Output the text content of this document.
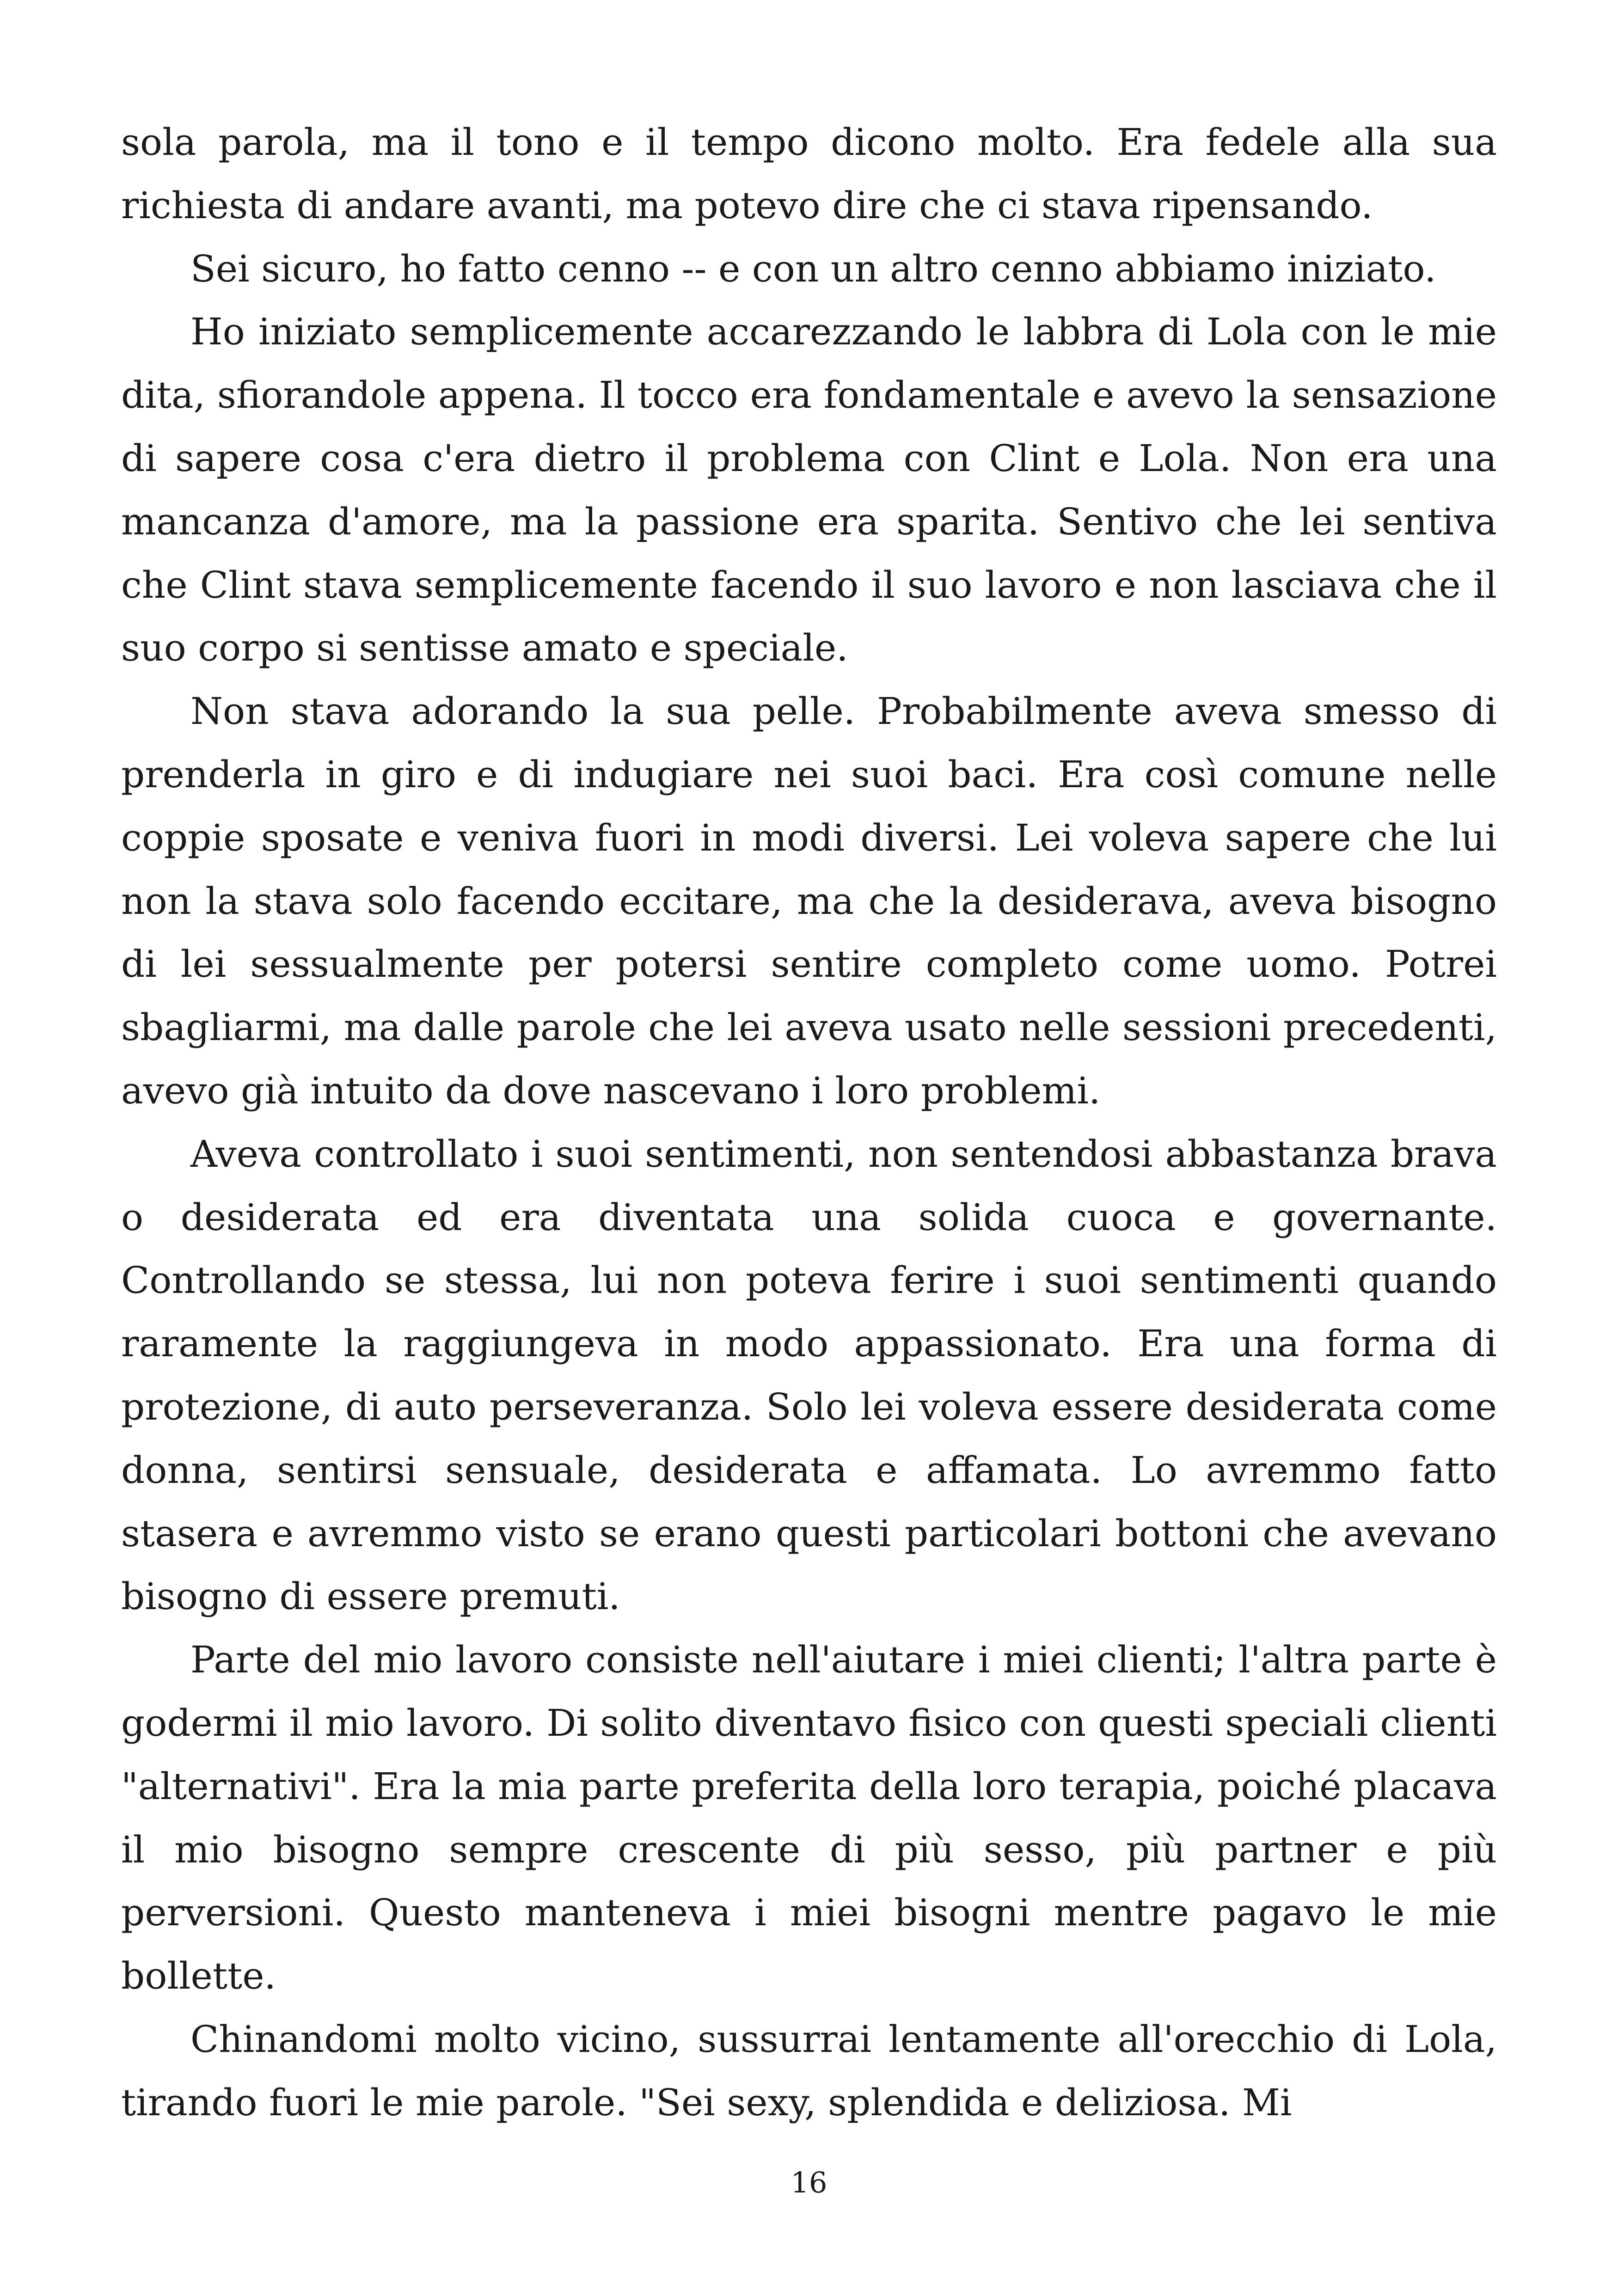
sola parola, ma il tono e il tempo dicono molto. Era fedele alla sua richiesta di andare avanti, ma potevo dire che ci stava ripensando.

Sei sicuro, ho fatto cenno -- e con un altro cenno abbiamo iniziato.

Ho iniziato semplicemente accarezzando le labbra di Lola con le mie dita, sfiorandole appena. Il tocco era fondamentale e avevo la sensazione di sapere cosa c'era dietro il problema con Clint e Lola. Non era una mancanza d'amore, ma la passione era sparita. Sentivo che lei sentiva che Clint stava semplicemente facendo il suo lavoro e non lasciava che il suo corpo si sentisse amato e speciale.

Non stava adorando la sua pelle. Probabilmente aveva smesso di prenderla in giro e di indugiare nei suoi baci. Era così comune nelle coppie sposate e veniva fuori in modi diversi. Lei voleva sapere che lui non la stava solo facendo eccitare, ma che la desiderava, aveva bisogno di lei sessualmente per potersi sentire completo come uomo. Potrei sbagliarmi, ma dalle parole che lei aveva usato nelle sessioni precedenti, avevo già intuito da dove nascevano i loro problemi.

Aveva controllato i suoi sentimenti, non sentendosi abbastanza brava o desiderata ed era diventata una solida cuoca e governante. Controllando se stessa, lui non poteva ferire i suoi sentimenti quando raramente la raggiungeva in modo appassionato. Era una forma di protezione, di auto perseveranza. Solo lei voleva essere desiderata come donna, sentirsi sensuale, desiderata e affamata. Lo avremmo fatto stasera e avremmo visto se erano questi particolari bottoni che avevano bisogno di essere premuti.

Parte del mio lavoro consiste nell'aiutare i miei clienti; l'altra parte è godermi il mio lavoro. Di solito diventavo fisico con questi speciali clienti "alternativi". Era la mia parte preferita della loro terapia, poiché placava il mio bisogno sempre crescente di più sesso, più partner e più perversioni. Questo manteneva i miei bisogni mentre pagavo le mie bollette.

Chinandomi molto vicino, sussurrai lentamente all'orecchio di Lola, tirando fuori le mie parole. "Sei sexy, splendida e deliziosa. Mi

16
